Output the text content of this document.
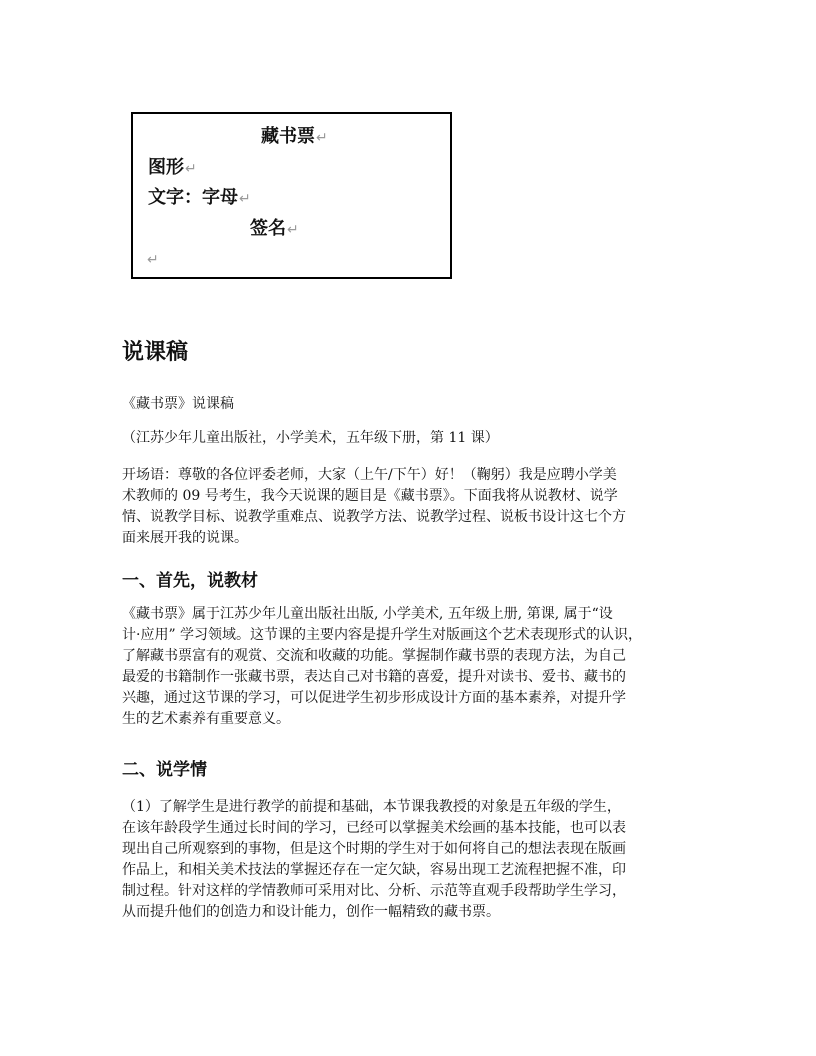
藏书票↵
图形↵
文字：字母↵
签名↵
↵
说课稿
《藏书票》说课稿
（江苏少年儿童出版社，小学美术，五年级下册，第 11 课）
开场语：尊敬的各位评委老师，大家（上午/下午）好！（鞠躬）我是应聘小学美
术教师的 09 号考生，我今天说课的题目是《藏书票》。下面我将从说教材、说学
情、说教学目标、说教学重难点、说教学方法、说教学过程、说板书设计这七个方
面来展开我的说课。
一、首先，说教材
《藏书票》属于江苏少年儿童出版社出版, 小学美术, 五年级上册, 第课, 属于“设
计·应用” 学习领域。这节课的主要内容是提升学生对版画这个艺术表现形式的认识，
了解藏书票富有的观赏、交流和收藏的功能。掌握制作藏书票的表现方法，为自己
最爱的书籍制作一张藏书票，表达自己对书籍的喜爱，提升对读书、爱书、藏书的
兴趣，通过这节课的学习，可以促进学生初步形成设计方面的基本素养，对提升学
生的艺术素养有重要意义。
二、说学情
（1）了解学生是进行教学的前提和基础，本节课我教授的对象是五年级的学生，
在该年龄段学生通过长时间的学习，已经可以掌握美术绘画的基本技能，也可以表
现出自己所观察到的事物，但是这个时期的学生对于如何将自己的想法表现在版画
作品上，和相关美术技法的掌握还存在一定欠缺，容易出现工艺流程把握不准，印
制过程。针对这样的学情教师可采用对比、分析、示范等直观手段帮助学生学习，
从而提升他们的创造力和设计能力，创作一幅精致的藏书票。
